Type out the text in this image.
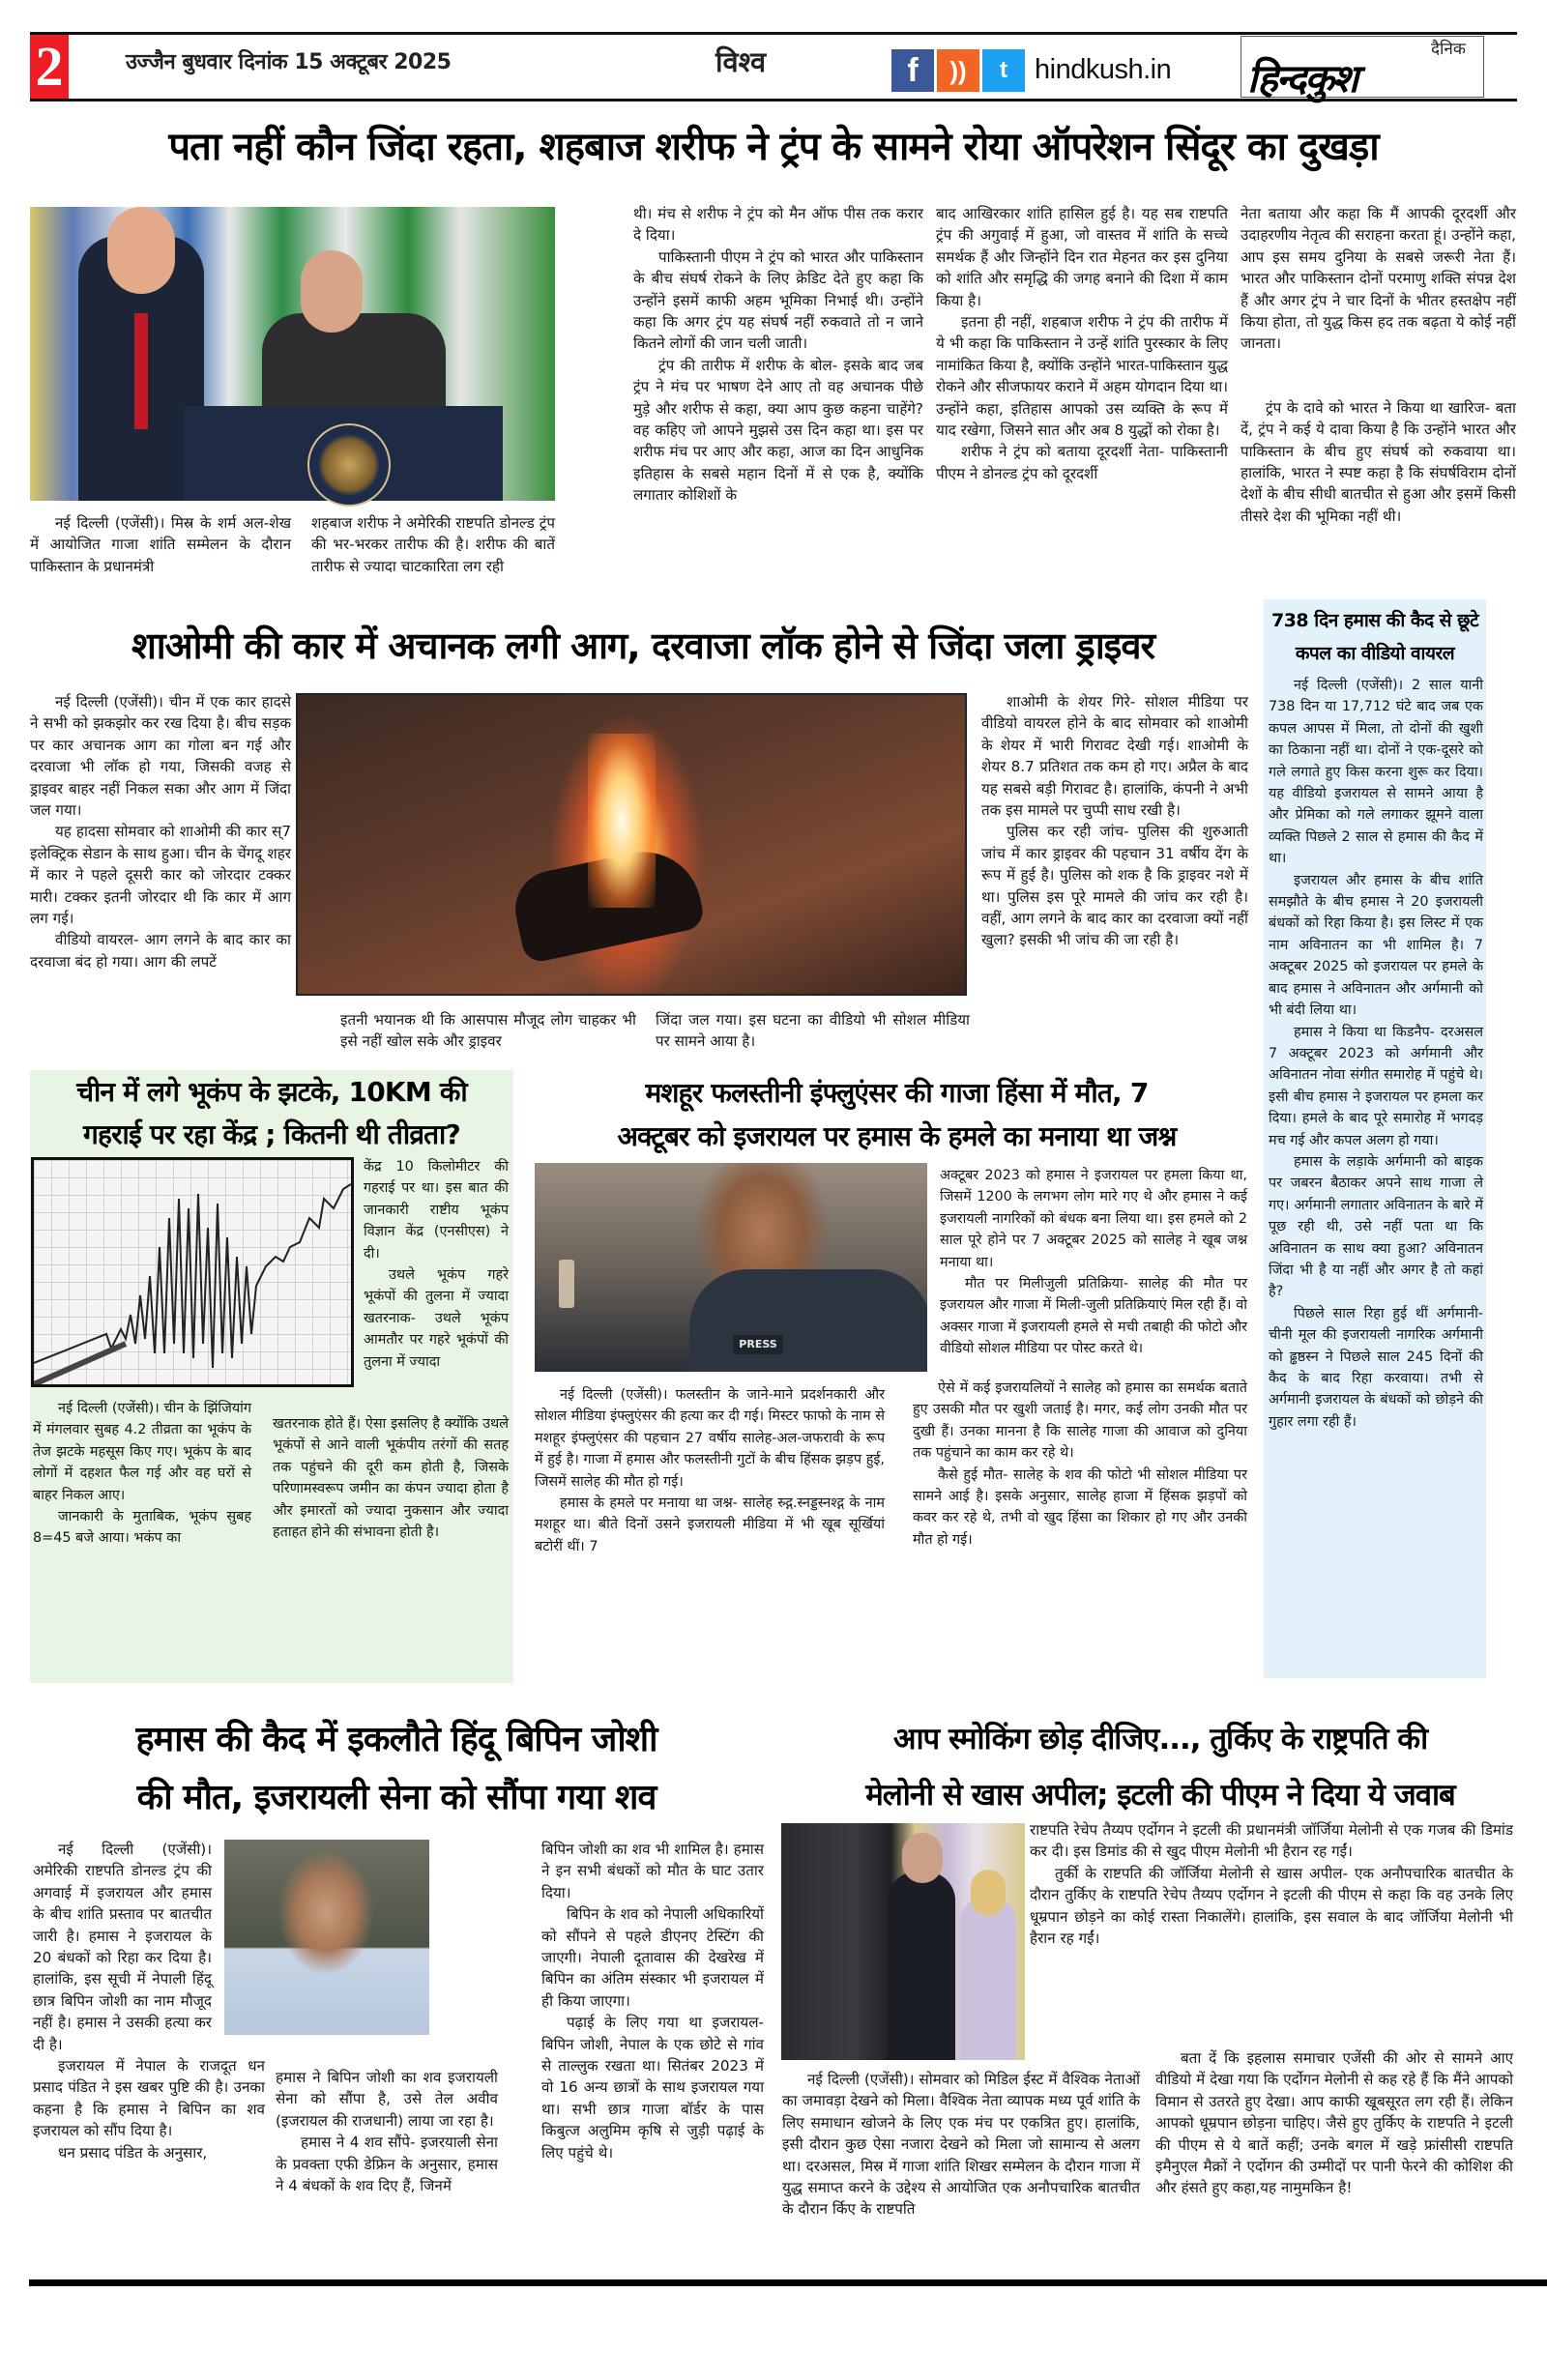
2	उज्जैन बुधवार दिनांक 15 अक्टूबर 2025	विश्व	f	))	t hindkush.in
दैनिक
हिन्दकुश
पता नहीं कौन जिंदा रहता, शहबाज शरीफ ने ट्रंप के सामने रोया ऑपरेशन सिंदूर का दुखड़ा

नई दिल्ली (एजेंसी)। मिस्र के शर्म अल-शेख में आयोजित गाजा शांति सम्मेलन के दौरान पाकिस्तान के प्रधानमंत्री

शहबाज शरीफ ने अमेरिकी राष्टपति डोनल्ड ट्रंप की भर-भरकर तारीफ की है। शरीफ की बातें तारीफ से ज्यादा चाटकारिता लग रही
थी। मंच से शरीफ ने ट्रंप को मैन ऑफ पीस तक करार दे दिया।

पाकिस्तानी पीएम ने ट्रंप को भारत और पाकिस्तान के बीच संघर्ष रोकने के लिए क्रेडिट देते हुए कहा कि उन्होंने इसमें काफी अहम भूमिका निभाई थी। उन्होंने कहा कि अगर ट्रंप यह संघर्ष नहीं रुकवाते तो न जाने कितने लोगों की जान चली जाती।

ट्रंप की तारीफ में शरीफ के बोल- इसके बाद जब ट्रंप ने मंच पर भाषण देने आए तो वह अचानक पीछे मुड़े और शरीफ से कहा, क्या आप कुछ कहना चाहेंगे? वह कहिए जो आपने मुझसे उस दिन कहा था। इस पर शरीफ मंच पर आए और कहा, आज का दिन आधुनिक इतिहास के सबसे महान दिनों में से एक है, क्योंकि लगातार कोशिशों के

बाद आखिरकार शांति हासिल हुई है। यह सब राष्टपति ट्रंप की अगुवाई में हुआ, जो वास्तव में शांति के सच्चे समर्थक हैं और जिन्होंने दिन रात मेहनत कर इस दुनिया को शांति और समृद्धि की जगह बनाने की दिशा में काम किया है।

इतना ही नहीं, शहबाज शरीफ ने ट्रंप की तारीफ में ये भी कहा कि पाकिस्तान ने उन्हें शांति पुरस्कार के लिए नामांकित किया है, क्योंकि उन्होंने भारत-पाकिस्तान युद्ध रोकने और सीजफायर कराने में अहम योगदान दिया था। उन्होंने कहा, इतिहास आपको उस व्यक्ति के रूप में याद रखेगा, जिसने सात और अब 8 युद्धों को रोका है।

शरीफ ने ट्रंप को बताया दूरदर्शी नेता- पाकिस्तानी पीएम ने डोनल्ड ट्रंप को दूरदर्शी

नेता बताया और कहा कि मैं आपकी दूरदर्शी और उदाहरणीय नेतृत्व की सराहना करता हूं। उन्होंने कहा, आप इस समय दुनिया के सबसे जरूरी नेता हैं। भारत और पाकिस्तान दोनों परमाणु शक्ति संपन्न देश हैं और अगर ट्रंप ने चार दिनों के भीतर हस्तक्षेप नहीं किया होता, तो युद्ध किस हद तक बढ़ता ये कोई नहीं जानता।

ट्रंप के दावे को भारत ने किया था खारिज- बता दें, ट्रंप ने कई ये दावा किया है कि उन्होंने भारत और पाकिस्तान के बीच हुए संघर्ष को रुकवाया था। हालांकि, भारत ने स्पष्ट कहा है कि संघर्षविराम दोनों देशों के बीच सीधी बातचीत से हुआ और इसमें किसी तीसरे देश की भूमिका नहीं थी।

शाओमी की कार में अचानक लगी आग, दरवाजा लॉक होने से जिंदा जला ड्राइवर

नई दिल्ली (एजेंसी)। चीन में एक कार हादसे ने सभी को झकझोर कर रख दिया है। बीच सड़क पर कार अचानक आग का गोला बन गई और दरवाजा भी लॉक हो गया, जिसकी वजह से ड्राइवर बाहर नहीं निकल सका और आग में जिंदा जल गया।

यह हादसा सोमवार को शाओमी की कार स्7 इलेक्ट्रिक सेडान के साथ हुआ। चीन के चेंगदू शहर में कार ने पहले दूसरी कार को जोरदार टक्कर मारी। टक्कर इतनी जोरदार थी कि कार में आग लग गई।

वीडियो वायरल- आग लगने के बाद कार का दरवाजा बंद हो गया। आग की लपटें

इतनी भयानक थी कि आसपास मौजूद लोग चाहकर भी इसे नहीं खोल सके और ड्राइवर
जिंदा जल गया। इस घटना का वीडियो भी सोशल मीडिया पर सामने आया है।

शाओमी के शेयर गिरे- सोशल मीडिया पर वीडियो वायरल होने के बाद सोमवार को शाओमी के शेयर में भारी गिरावट देखी गई। शाओमी के शेयर 8.7 प्रतिशत तक कम हो गए। अप्रैल के बाद यह सबसे बड़ी गिरावट है। हालांकि, कंपनी ने अभी तक इस मामले पर चुप्पी साध रखी है।

पुलिस कर रही जांच- पुलिस की शुरुआती जांच में कार ड्राइवर की पहचान 31 वर्षीय देंग के रूप में हुई है। पुलिस को शक है कि ड्राइवर नशे में था। पुलिस इस पूरे मामले की जांच कर रही है। वहीं, आग लगने के बाद कार का दरवाजा क्यों नहीं खुला? इसकी भी जांच की जा रही है।

738 दिन हमास की कैद से छूटे कपल का वीडियो वायरल

नई दिल्ली (एजेंसी)। 2 साल यानी 738 दिन या 17,712 घंटे बाद जब एक कपल आपस में मिला, तो दोनों की खुशी का ठिकाना नहीं था। दोनों ने एक-दूसरे को गले लगाते हुए किस करना शुरू कर दिया। यह वीडियो इजरायल से सामने आया है और प्रेमिका को गले लगाकर झूमने वाला व्यक्ति पिछले 2 साल से हमास की कैद में था।

इजरायल और हमास के बीच शांति समझौते के बीच हमास ने 20 इजरायली बंधकों को रिहा किया है। इस लिस्ट में एक नाम अविनातन का भी शामिल है। 7 अक्टूबर 2025 को इजरायल पर हमले के बाद हमास ने अविनातन और अर्गमानी को भी बंदी लिया था।

हमास ने किया था किडनैप- दरअसल 7 अक्टूबर 2023 को अर्गमानी और अविनातन नोवा संगीत समारोह में पहुंचे थे। इसी बीच हमास ने इजरायल पर हमला कर दिया। हमले के बाद पूरे समारोह में भगदड़ मच गई और कपल अलग हो गया।

हमास के लड़ाके अर्गमानी को बाइक पर जबरन बैठाकर अपने साथ गाजा ले गए। अर्गमानी लगातार अविनातन के बारे में पूछ रही थी, उसे नहीं पता था कि अविनातन क साथ क्या हुआ? अविनातन जिंदा भी है या नहीं और अगर है तो कहां है?

पिछले साल रिहा हुई थीं अर्गमानी- चीनी मूल की इजरायली नागरिक अर्गमानी को ढ्ढष्ठस्न ने पिछले साल 245 दिनों की कैद के बाद रिहा करवाया। तभी से अर्गमानी इजरायल के बंधकों को छोड़ने की गुहार लगा रही हैं।

चीन में लगे भूकंप के झटके, 10KM की
गहराई पर रहा केंद्र ; कितनी थी तीव्रता?
केंद्र 10 किलोमीटर की गहराई पर था। इस बात की जानकारी राष्टीय भूकंप विज्ञान केंद्र (एनसीएस) ने दी।

उथले भूकंप गहरे भूकंपों की तुलना में ज्यादा खतरनाक- उथले भूकंप आमतौर पर गहरे भूकंपों की तुलना में ज्यादा

नई दिल्ली (एजेंसी)। चीन के झिंजियांग में मंगलवार सुबह 4.2 तीव्रता का भूकंप के तेज झटके महसूस किए गए। भूकंप के बाद लोगों में दहशत फैल गई और वह घरों से बाहर निकल आए।

जानकारी के मुताबिक, भूकंप सुबह 8=45 बजे आया। भकंप का

खतरनाक होते हैं। ऐसा इसलिए है क्योंकि उथले भूकंपों से आने वाली भूकंपीय तरंगों की सतह तक पहुंचने की दूरी कम होती है, जिसके परिणामस्वरूप जमीन का कंपन ज्यादा होता है और इमारतों को ज्यादा नुकसान और ज्यादा हताहत होने की संभावना होती है।
मशहूर फलस्तीनी इंफ्लुएंसर की गाजा हिंसा में मौत, 7
अक्टूबर को इजरायल पर हमास के हमले का मनाया था जश्न
PRESS

नई दिल्ली (एजेंसी)। फलस्तीन के जाने-माने प्रदर्शनकारी और सोशल मीडिया इंफ्लुएंसर की हत्या कर दी गई। मिस्टर फाफो के नाम से मशहूर इंफ्लुएंसर की पहचान 27 वर्षीय सालेह-अल-जफरावी के रूप में हुई है। गाजा में हमास और फलस्तीनी गुटों के बीच हिंसक झड़प हुई, जिसमें सालेह की मौत हो गई।

हमास के हमले पर मनाया था जश्न- सालेह स्र्द्ग.स्नड्डस्नश्द्ग के नाम मशहूर था। बीते दिनों उसने इजरायली मीडिया में भी खूब सूर्खियां बटोरीं थीं। 7

अक्टूबर 2023 को हमास ने इजरायल पर हमला किया था, जिसमें 1200 के लगभग लोग मारे गए थे और हमास ने कई इजरायली नागरिकों को बंधक बना लिया था। इस हमले को 2 साल पूरे होने पर 7 अक्टूबर 2025 को सालेह ने खूब जश्न मनाया था।

मौत पर मिलीजुली प्रतिक्रिया- सालेह की मौत पर इजरायल और गाजा में मिली-जुली प्रतिक्रियाएं मिल रही हैं। वो अक्सर गाजा में इजरायली हमले से मची तबाही की फोटो और वीडियो सोशल मीडिया पर पोस्ट करते थे।

ऐसे में कई इजरायलियों ने सालेह को हमास का समर्थक बताते हुए उसकी मौत पर खुशी जताई है। मगर, कई लोग उनकी मौत पर दुखी हैं। उनका मानना है कि सालेह गाजा की आवाज को दुनिया तक पहुंचाने का काम कर रहे थे।

कैसे हुई मौत- सालेह के शव की फोटो भी सोशल मीडिया पर सामने आई है। इसके अनुसार, सालेह हाजा में हिंसक झड़पों को कवर कर रहे थे, तभी वो खुद हिंसा का शिकार हो गए और उनकी मौत हो गई।

हमास की कैद में इकलौते हिंदू बिपिन जोशी
की मौत, इजरायली सेना को सौंपा गया शव

नई दिल्ली (एजेंसी)। अमेरिकी राष्टपति डोनल्ड ट्रंप की अगवाई में इजरायल और हमास के बीच शांति प्रस्ताव पर बातचीत जारी है। हमास ने इजरायल के 20 बंधकों को रिहा कर दिया है। हालांकि, इस सूची में नेपाली हिंदू छात्र बिपिन जोशी का नाम मौजूद नहीं है। हमास ने उसकी हत्या कर दी है।

इजरायल में नेपाल के राजदूत धन प्रसाद पंडित ने इस खबर पुष्टि की है। उनका कहना है कि हमास ने बिपिन का शव इजरायल को सौंप दिया है।

धन प्रसाद पंडित के अनुसार,

हमास ने बिपिन जोशी का शव इजरायली सेना को सौंपा है, उसे तेल अवीव (इजरायल की राजधानी) लाया जा रहा है।

हमास ने 4 शव सौंपे- इजरयाली सेना के प्रवक्ता एफी डेफ्रिन के अनुसार, हमास ने 4 बंधकों के शव दिए हैं, जिनमें

बिपिन जोशी का शव भी शामिल है। हमास ने इन सभी बंधकों को मौत के घाट उतार दिया।

बिपिन के शव को नेपाली अधिकारियों को सौंपने से पहले डीएनए टेस्टिंग की जाएगी। नेपाली दूतावास की देखरेख में बिपिन का अंतिम संस्कार भी इजरायल में ही किया जाएगा।

पढ़ाई के लिए गया था इजरायल- बिपिन जोशी, नेपाल के एक छोटे से गांव से ताल्लुक रखता था। सितंबर 2023 में वो 16 अन्य छात्रों के साथ इजरायल गया था। सभी छात्र गाजा बॉर्डर के पास किबुत्ज अलुमिम कृषि से जुड़ी पढ़ाई के लिए पहुंचे थे।

आप स्मोकिंग छोड़ दीजिए..., तुर्किए के राष्ट्रपति की
मेलोनी से खास अपील; इटली की पीएम ने दिया ये जवाब

नई दिल्ली (एजेंसी)। सोमवार को मिडिल ईस्ट में वैश्विक नेताओं का जमावड़ा देखने को मिला। वैश्विक नेता व्यापक मध्य पूर्व शांति के लिए समाधान खोजने के लिए एक मंच पर एकत्रित हुए। हालांकि, इसी दौरान कुछ ऐसा नजारा देखने को मिला जो सामान्य से अलग था। दरअसल, मिस्र में गाजा शांति शिखर सम्मेलन के दौरान गाजा में युद्ध समाप्त करने के उद्देश्य से आयोजित एक अनौपचारिक बातचीत के दौरान र्किए के राष्टपति

राष्टपति रेचेप तैय्यप एर्दोगन ने इटली की प्रधानमंत्री जॉर्जिया मेलोनी से एक गजब की डिमांड कर दी। इस डिमांड की से खुद पीएम मेलोनी भी हैरान रह गईं।

तुर्की के राष्टपति की जॉर्जिया मेलोनी से खास अपील- एक अनौपचारिक बातचीत के दौरान तुर्किए के राष्टपति रेचेप तैय्यप एर्दोगन ने इटली की पीएम से कहा कि वह उनके लिए धूम्रपान छोड़ने का कोई रास्ता निकालेंगे। हालांकि, इस सवाल के बाद जॉर्जिया मेलोनी भी हैरान रह गईं।

बता दें कि इहलास समाचार एजेंसी की ओर से सामने आए वीडियो में देखा गया कि एर्दोगन मेलोनी से कह रहे हैं कि मैंने आपको विमान से उतरते हुए देखा। आप काफी खूबसूरत लग रही हैं। लेकिन आपको धूम्रपान छोड़ना चाहिए। जैसे हुए तुर्किए के राष्टपति ने इटली की पीएम से ये बातें कहीं; उनके बगल में खड़े फ्रांसीसी राष्टपति इमैनुएल मैक्रों ने एर्दोगन की उम्मीदों पर पानी फेरने की कोशिश की और हंसते हुए कहा,यह नामुमकिन है!
